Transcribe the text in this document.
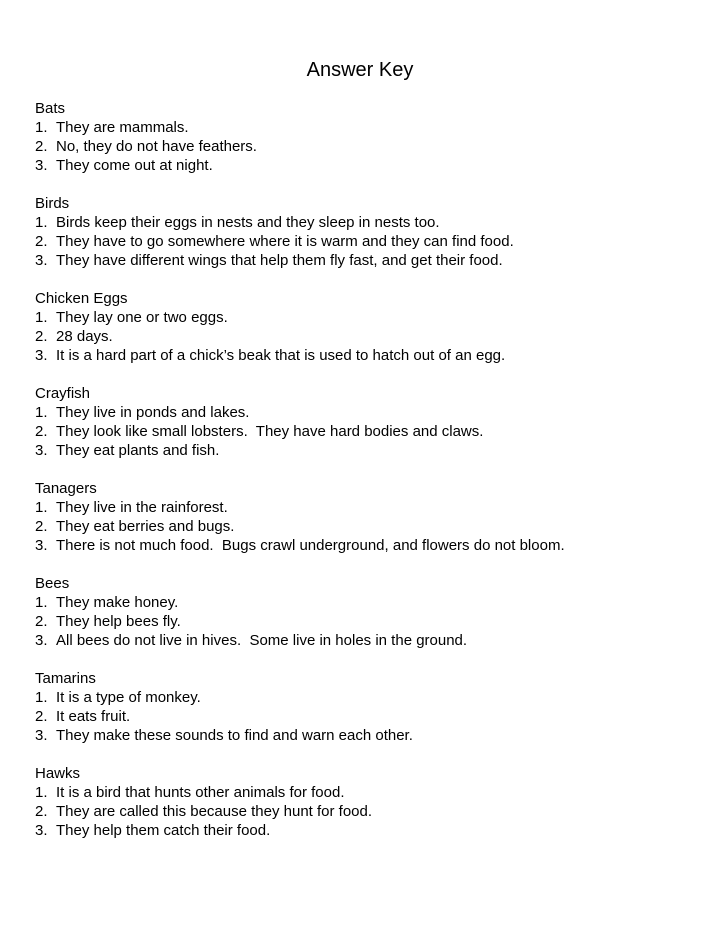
Answer Key
Bats
1. They are mammals.
2. No, they do not have feathers.
3. They come out at night.
Birds
1. Birds keep their eggs in nests and they sleep in nests too.
2. They have to go somewhere where it is warm and they can find food.
3. They have different wings that help them fly fast, and get their food.
Chicken Eggs
1. They lay one or two eggs.
2. 28 days.
3. It is a hard part of a chick’s beak that is used to hatch out of an egg.
Crayfish
1. They live in ponds and lakes.
2. They look like small lobsters.  They have hard bodies and claws.
3. They eat plants and fish.
Tanagers
1. They live in the rainforest.
2. They eat berries and bugs.
3. There is not much food.  Bugs crawl underground, and flowers do not bloom.
Bees
1. They make honey.
2. They help bees fly.
3. All bees do not live in hives.  Some live in holes in the ground.
Tamarins
1. It is a type of monkey.
2. It eats fruit.
3. They make these sounds to find and warn each other.
Hawks
1. It is a bird that hunts other animals for food.
2. They are called this because they hunt for food.
3. They help them catch their food.
